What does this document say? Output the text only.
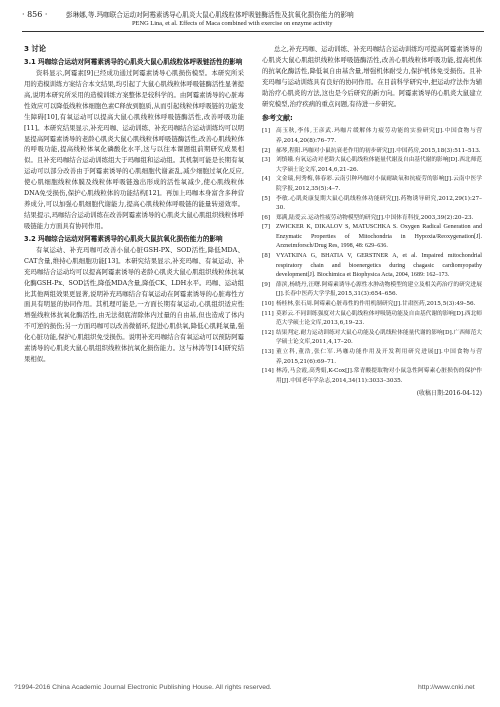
· 856 ·	彭琳娜,等.玛咖联合运动对阿霉素诱导心肌炎大鼠心肌线粒体呼吸链酶活性及抗氧化损伤能力的影响
PENG Lina, et al. Effects of Maca combined with exercise on enzyme activity
3 讨论
3.1 玛咖综合运动对阿霉素诱导的心肌炎大鼠心肌线粒体呼吸链活性的影响

资料显示,阿霉素[9]已经成功通过阿霉素诱导心肌损伤模型。本研究所采用的造模训练方案结合本文结果,均引起了大鼠心肌线粒体呼吸链酶活性显著提高,说明本研究所采用的造模训练方案整体是较科学的。由阿霉素诱导的心脏毒性效应可以降低线粒体细胞色素C释放到胞质,从而引起线粒体呼吸链的功能发生障碍[10],有氧运动可以提高大鼠心肌线粒体呼吸链酶活性,改善呼吸功能[11]。本研究结果显示,补充玛咖、运动训练、补充玛咖结合运动训练均可以明显提高阿霉素诱导的老龄心肌炎大鼠心肌线粒体呼吸链酶活性,改善心肌线粒体的呼吸功能,提高线粒体氧化磷酸化水平,这与以往本课题组前期研究成果相似。且补充玛咖结合运动训练组大于玛咖组和运动组。其机制可能是长期有氧运动可以部分改善由于阿霉素诱导的心肌细胞代谢紊乱,减少细胞过氧化反应,使心肌细胞线粒体膜及线粒体呼吸链逸出形成的活性氧减少,使心肌线粒体DNA免受损伤,保护心肌线粒体的功能结构[12]。再加上玛咖本身富含多种营养成分,可以加强心肌细胞代谢能力,提高心肌线粒体呼吸链的能量转递效率。结果提示,玛咖结合运动训练在改善阿霉素诱导的心肌炎大鼠心肌组织线粒体呼吸链能力方面具有协同作用。

3.2 玛咖综合运动对阿霉素诱导的心肌炎大鼠抗氧化损伤能力的影响

有氧运动、补充玛咖可改善小鼠心脏GSH-PX、SOD活性,降低MDA、CAT含量,维持心肌细胞功能[13]。本研究结果显示,补充玛咖、有氧运动、补充玛咖结合运动均可以提高阿霉素诱导的老龄心肌炎大鼠心肌组织线粒体抗氧化酶GSH-Px、SOD活性,降低MDA含量,降低CK、LDH水平。玛咖、运动组比其他两组效果更显著,说明补充玛咖结合有氧运动在阿霉素诱导的心脏毒性方面具有明显的协同作用。其机理可能是,一方面长期有氧运动,心肌组织适应性增强线粒体抗氧化酶活性,由无法彻底清除体内过量的自由基,但也造成了体内不可逆的损伤;另一方面玛咖可以改善微循环,促进心肌供氧,降低心肌耗氧量,强化心脏功能,保护心肌组织免受损伤。说明补充玛咖结合有氧运动可以预防阿霉素诱导的心肌炎大鼠心肌组织线粒体抗氧化损伤能力。这与林涛等[14]研究结果相似。

总之,补充玛咖、运动训练、补充玛咖结合运动训练均可提高阿霉素诱导的心肌炎大鼠心肌组织线粒体呼吸链酶活性,改善心肌线粒体呼吸功能,提高机体的抗氧化酶活性,降低氧自由基含量,增强机体耐受力,保护机体免受损伤。且补充玛咖与运动训练具有良好的协同作用。在目前科学研究中,把运动疗法作为辅助治疗心肌炎的方法,这也是今后研究的新方向。阿霉素诱导的心肌炎大鼠建立研究模型,治疗疾病的重点问题,有待进一步研究。

参考文献:
[1]	高玉秋,李伟,王彦武.玛咖片缓解体力疲劳功能的实验研究[J].中国食物与营养,2014,20(8):76–77.
[2]	郝琴,程阳.玛咖对小鼠抗衰老作用的初步研究[J].中国药房,2015,18(3):511–513.
[3]	刘慎娥.有氧运动对老龄大鼠心肌线粒体能量代谢及自由基代谢的影响[D].西北师范大学硕士论文库,2014,6,21–26.
[4]	文金瑞,何秀梅,韩春彩.云南引种玛咖对小鼠耐缺氧和抗疲劳的影响[J].云南中医学院学报,2012,35(5):4–7.
[5]	李敏.心肌炎康复期大鼠心肌线粒体功能研究[J].药物诱导研究,2012,29(1):27–30.
[6]	郑满,陆爱云.运动性疲劳动物模型的研究[J].中国体育科技,2003,39(2):20–23.
[7] ZWICKER K, DIKALOV S, MATUSCHKA S. Oxygen Radical Generation and Enzymatic Properties of Mitochondria in Hypoxia/Reoxygenation[J]. Arzneimforsch/Drug Res, 1998, 48: 629–636.
[8] VYATKINA G, BHATIA V, GERSTNER A, et al. Impaired mitochondrial respiratory chain and bioenergetics during chagasic cardiomyopathy development[J]. Biochimica et Biophysica Acta, 2004, 1689: 162–173.
[9]	薛滨,杨晓丹,汪曙.阿霉素诱导心源性水肿动物模型的建立及相关药治疗的研究进展[J].长春中医药大学学报,2015,31(3):654–656.
[10] 杨桂林,张石周.阿霉素心脏毒性的作用机制研究[J].甘肃医药,2015,5(3):49–56.
[11] 莫彩云.不同训练强度对大鼠心肌线粒体呼吸链功能及自由基代谢的影响[D].西北师范大学硕士论文库,2013,6,19–23.
[12] 结果判定.耐力运动训练对大鼠心功能及心肌线粒体能量代谢的影响[D].广西师范大学硕士论文库,2011,4,17–20.
[13] 董立科,董浩,张仁军.玛咖功能作用及开发利用研究进展[J].中国食物与营养,2015,21(6):69–71.
[14] 林涛,马会霞,高秀娟,K-Cox[J].常青酸提取物对小鼠急性阿霉素心脏损伤的保护作用[J].中国老年学杂志,2014,34(11):3033–3035.
(收稿日期:2016-04-12)
?1994-2016 China Academic Journal Electronic Publishing House. All rights reserved.	http://www.cnki.net
